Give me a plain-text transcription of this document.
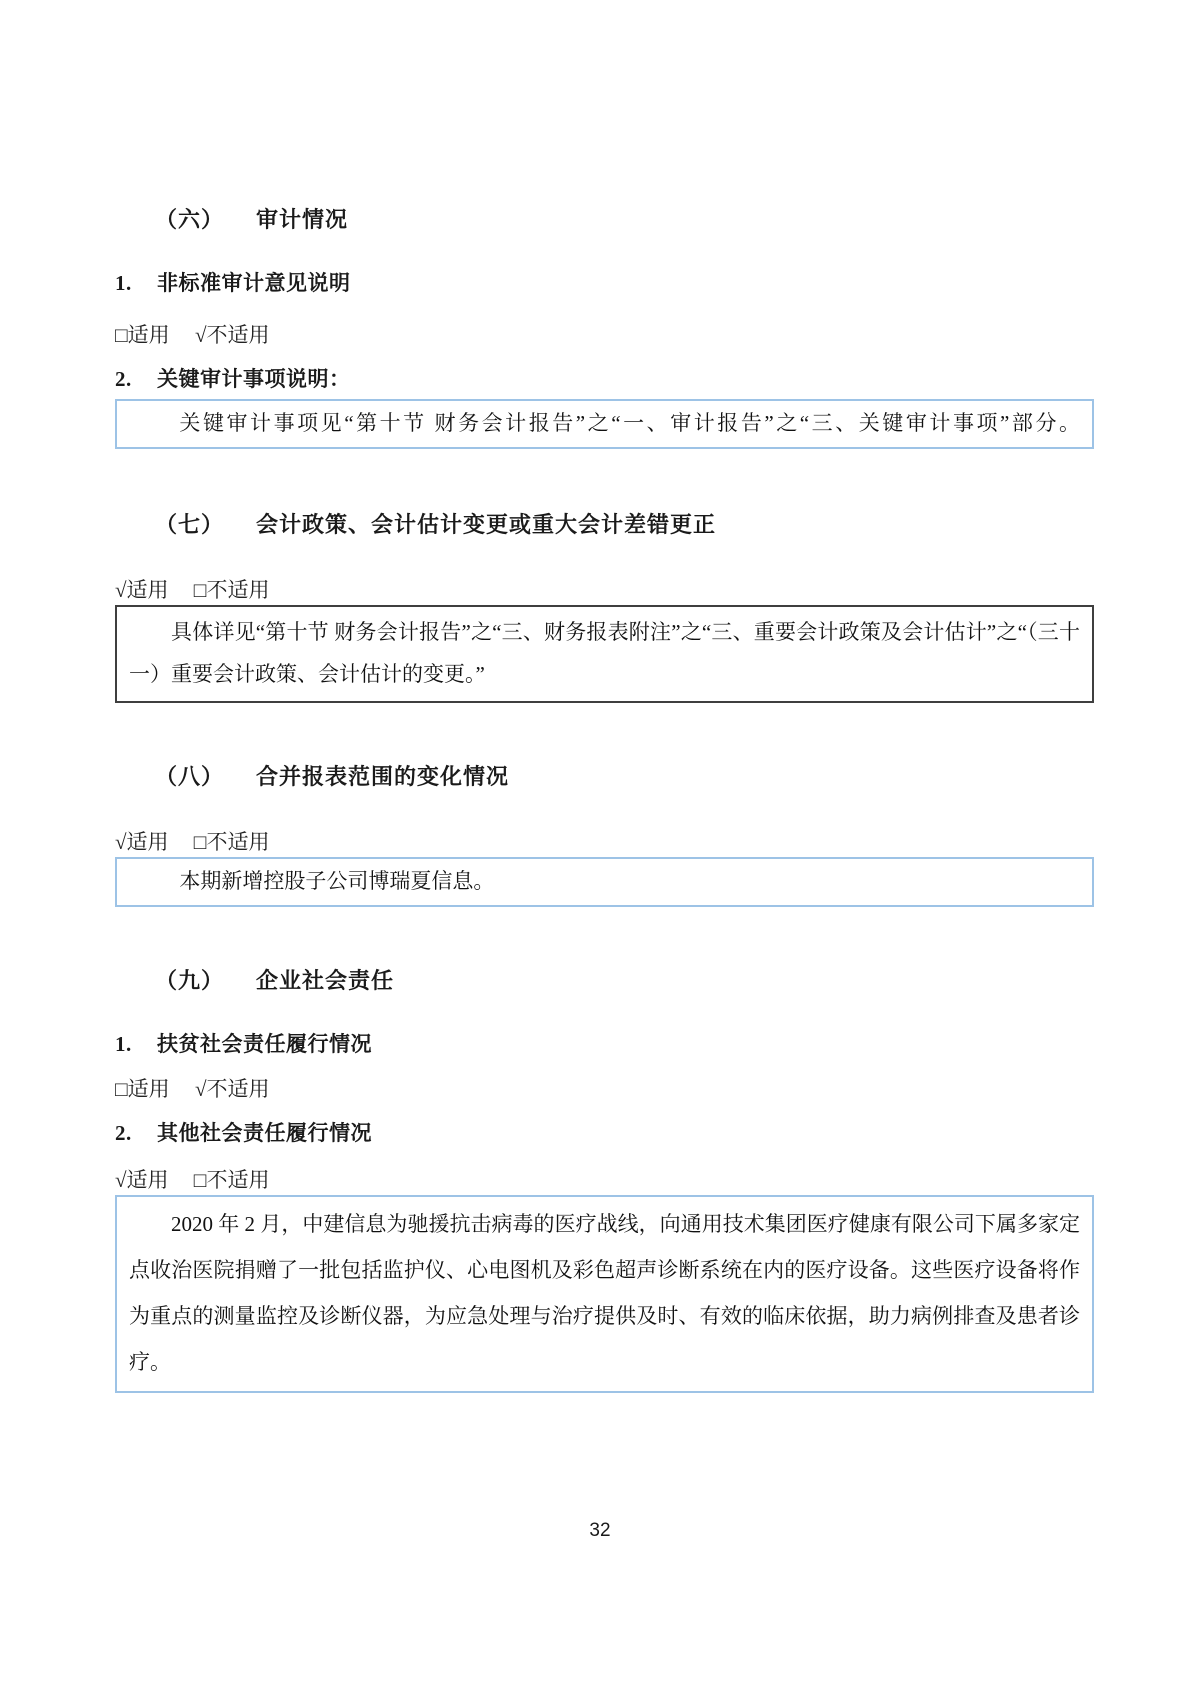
（六） 审计情况
1.	非标准审计意见说明
□适用 √不适用
2.	关键审计事项说明：

关键审计事项见“第十节 财务会计报告”之“一、审计报告”之“三、关键审计事项”部分。

（七） 会计政策、会计估计变更或重大会计差错更正
√适用 □不适用

具体详见“第十节 财务会计报告”之“三、财务报表附注”之“三、重要会计政策及会计估计”之“（三十一）重要会计政策、会计估计的变更。”

（八） 合并报表范围的变化情况
√适用 □不适用

本期新增控股子公司博瑞夏信息。

（九） 企业社会责任
1.	扶贫社会责任履行情况
□适用 √不适用
2.	其他社会责任履行情况
√适用 □不适用

2020 年 2 月，中建信息为驰援抗击病毒的医疗战线，向通用技术集团医疗健康有限公司下属多家定点收治医院捐赠了一批包括监护仪、心电图机及彩色超声诊断系统在内的医疗设备。这些医疗设备将作为重点的测量监控及诊断仪器，为应急处理与治疗提供及时、有效的临床依据，助力病例排查及患者诊疗。

32
